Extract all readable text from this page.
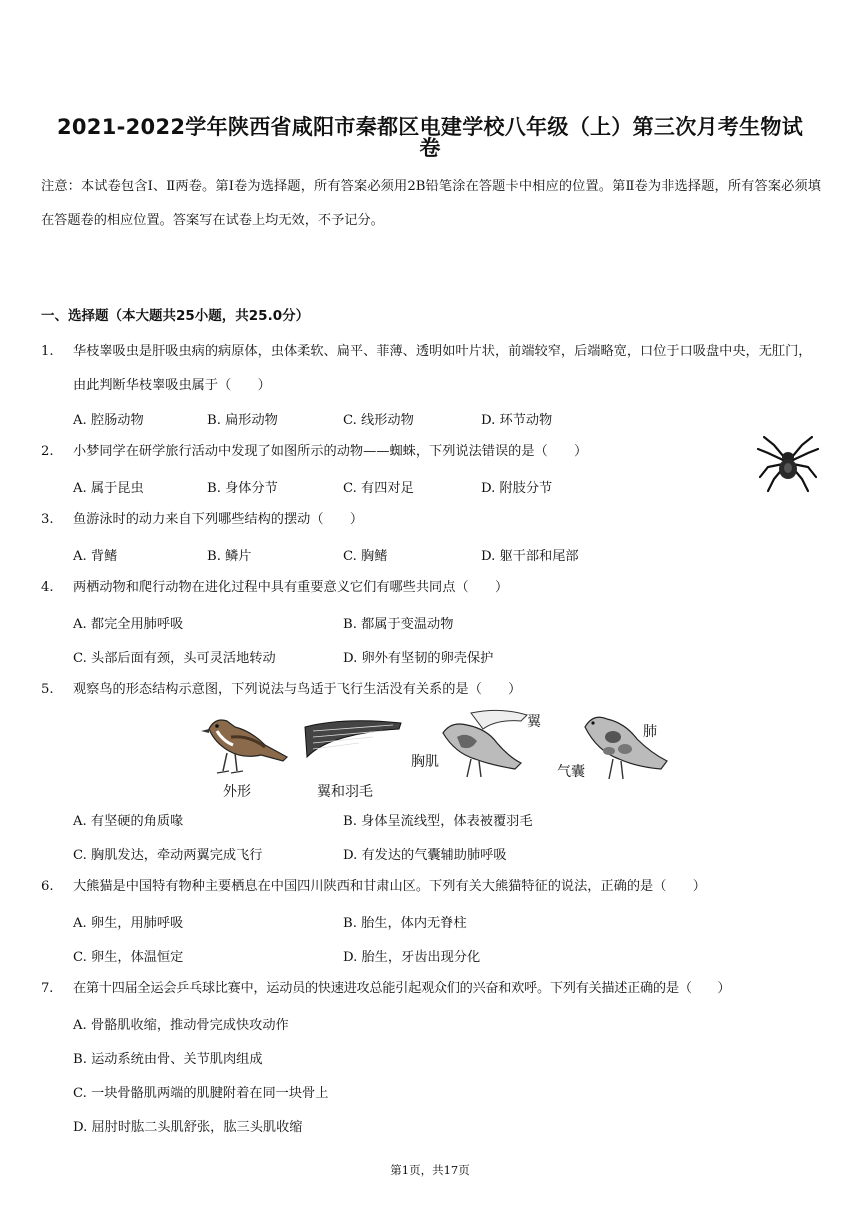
2021-2022学年陕西省咸阳市秦都区电建学校八年级（上）第三次月考生物试
卷
注意：本试卷包含Ⅰ、Ⅱ两卷。第Ⅰ卷为选择题，所有答案必须用2B铅笔涂在答题卡中相应的位置。第Ⅱ卷为非选择题，所有答案必须填在答题卷的相应位置。答案写在试卷上均无效，不予记分。
一、选择题（本大题共25小题，共25.0分）
1.	华枝睾吸虫是肝吸虫病的病原体，虫体柔软、扁平、菲薄、透明如叶片状，前端较窄，后端略宽，口位于口吸盘中央，无肛门，由此判断华枝睾吸虫属于（　　）
A. 腔肠动物	B. 扁形动物	C. 线形动物	D. 环节动物
2.	小梦同学在研学旅行活动中发现了如图所示的动物——蜘蛛，下列说法错误的是（　　）
A. 属于昆虫	B. 身体分节	C. 有四对足	D. 附肢分节
3.	鱼游泳时的动力来自下列哪些结构的摆动（　　）
A. 背鳍	B. 鳞片	C. 胸鳍	D. 躯干部和尾部
4.	两栖动物和爬行动物在进化过程中具有重要意义它们有哪些共同点（　　）
A. 都完全用肺呼吸	B. 都属于变温动物
C. 头部后面有颈，头可灵活地转动	D. 卵外有坚韧的卵壳保护
5.	观察鸟的形态结构示意图，下列说法与鸟适于飞行生活没有关系的是（　　）
外形	翼和羽毛
胸肌
翼
肺
气囊
A. 有坚硬的角质喙	B. 身体呈流线型，体表被覆羽毛
C. 胸肌发达，牵动两翼完成飞行	D. 有发达的气囊辅助肺呼吸
6.	大熊猫是中国特有物种主要栖息在中国四川陕西和甘肃山区。下列有关大熊猫特征的说法，正确的是（　　）
A. 卵生，用肺呼吸	B. 胎生，体内无脊柱
C. 卵生，体温恒定	D. 胎生，牙齿出现分化
7.	在第十四届全运会乒乓球比赛中，运动员的快速进攻总能引起观众们的兴奋和欢呼。下列有关描述正确的是（　　）
A. 骨骼肌收缩，推动骨完成快攻动作
B. 运动系统由骨、关节肌肉组成
C. 一块骨骼肌两端的肌腱附着在同一块骨上
D. 屈肘时肱二头肌舒张，肱三头肌收缩
第1页，共17页
